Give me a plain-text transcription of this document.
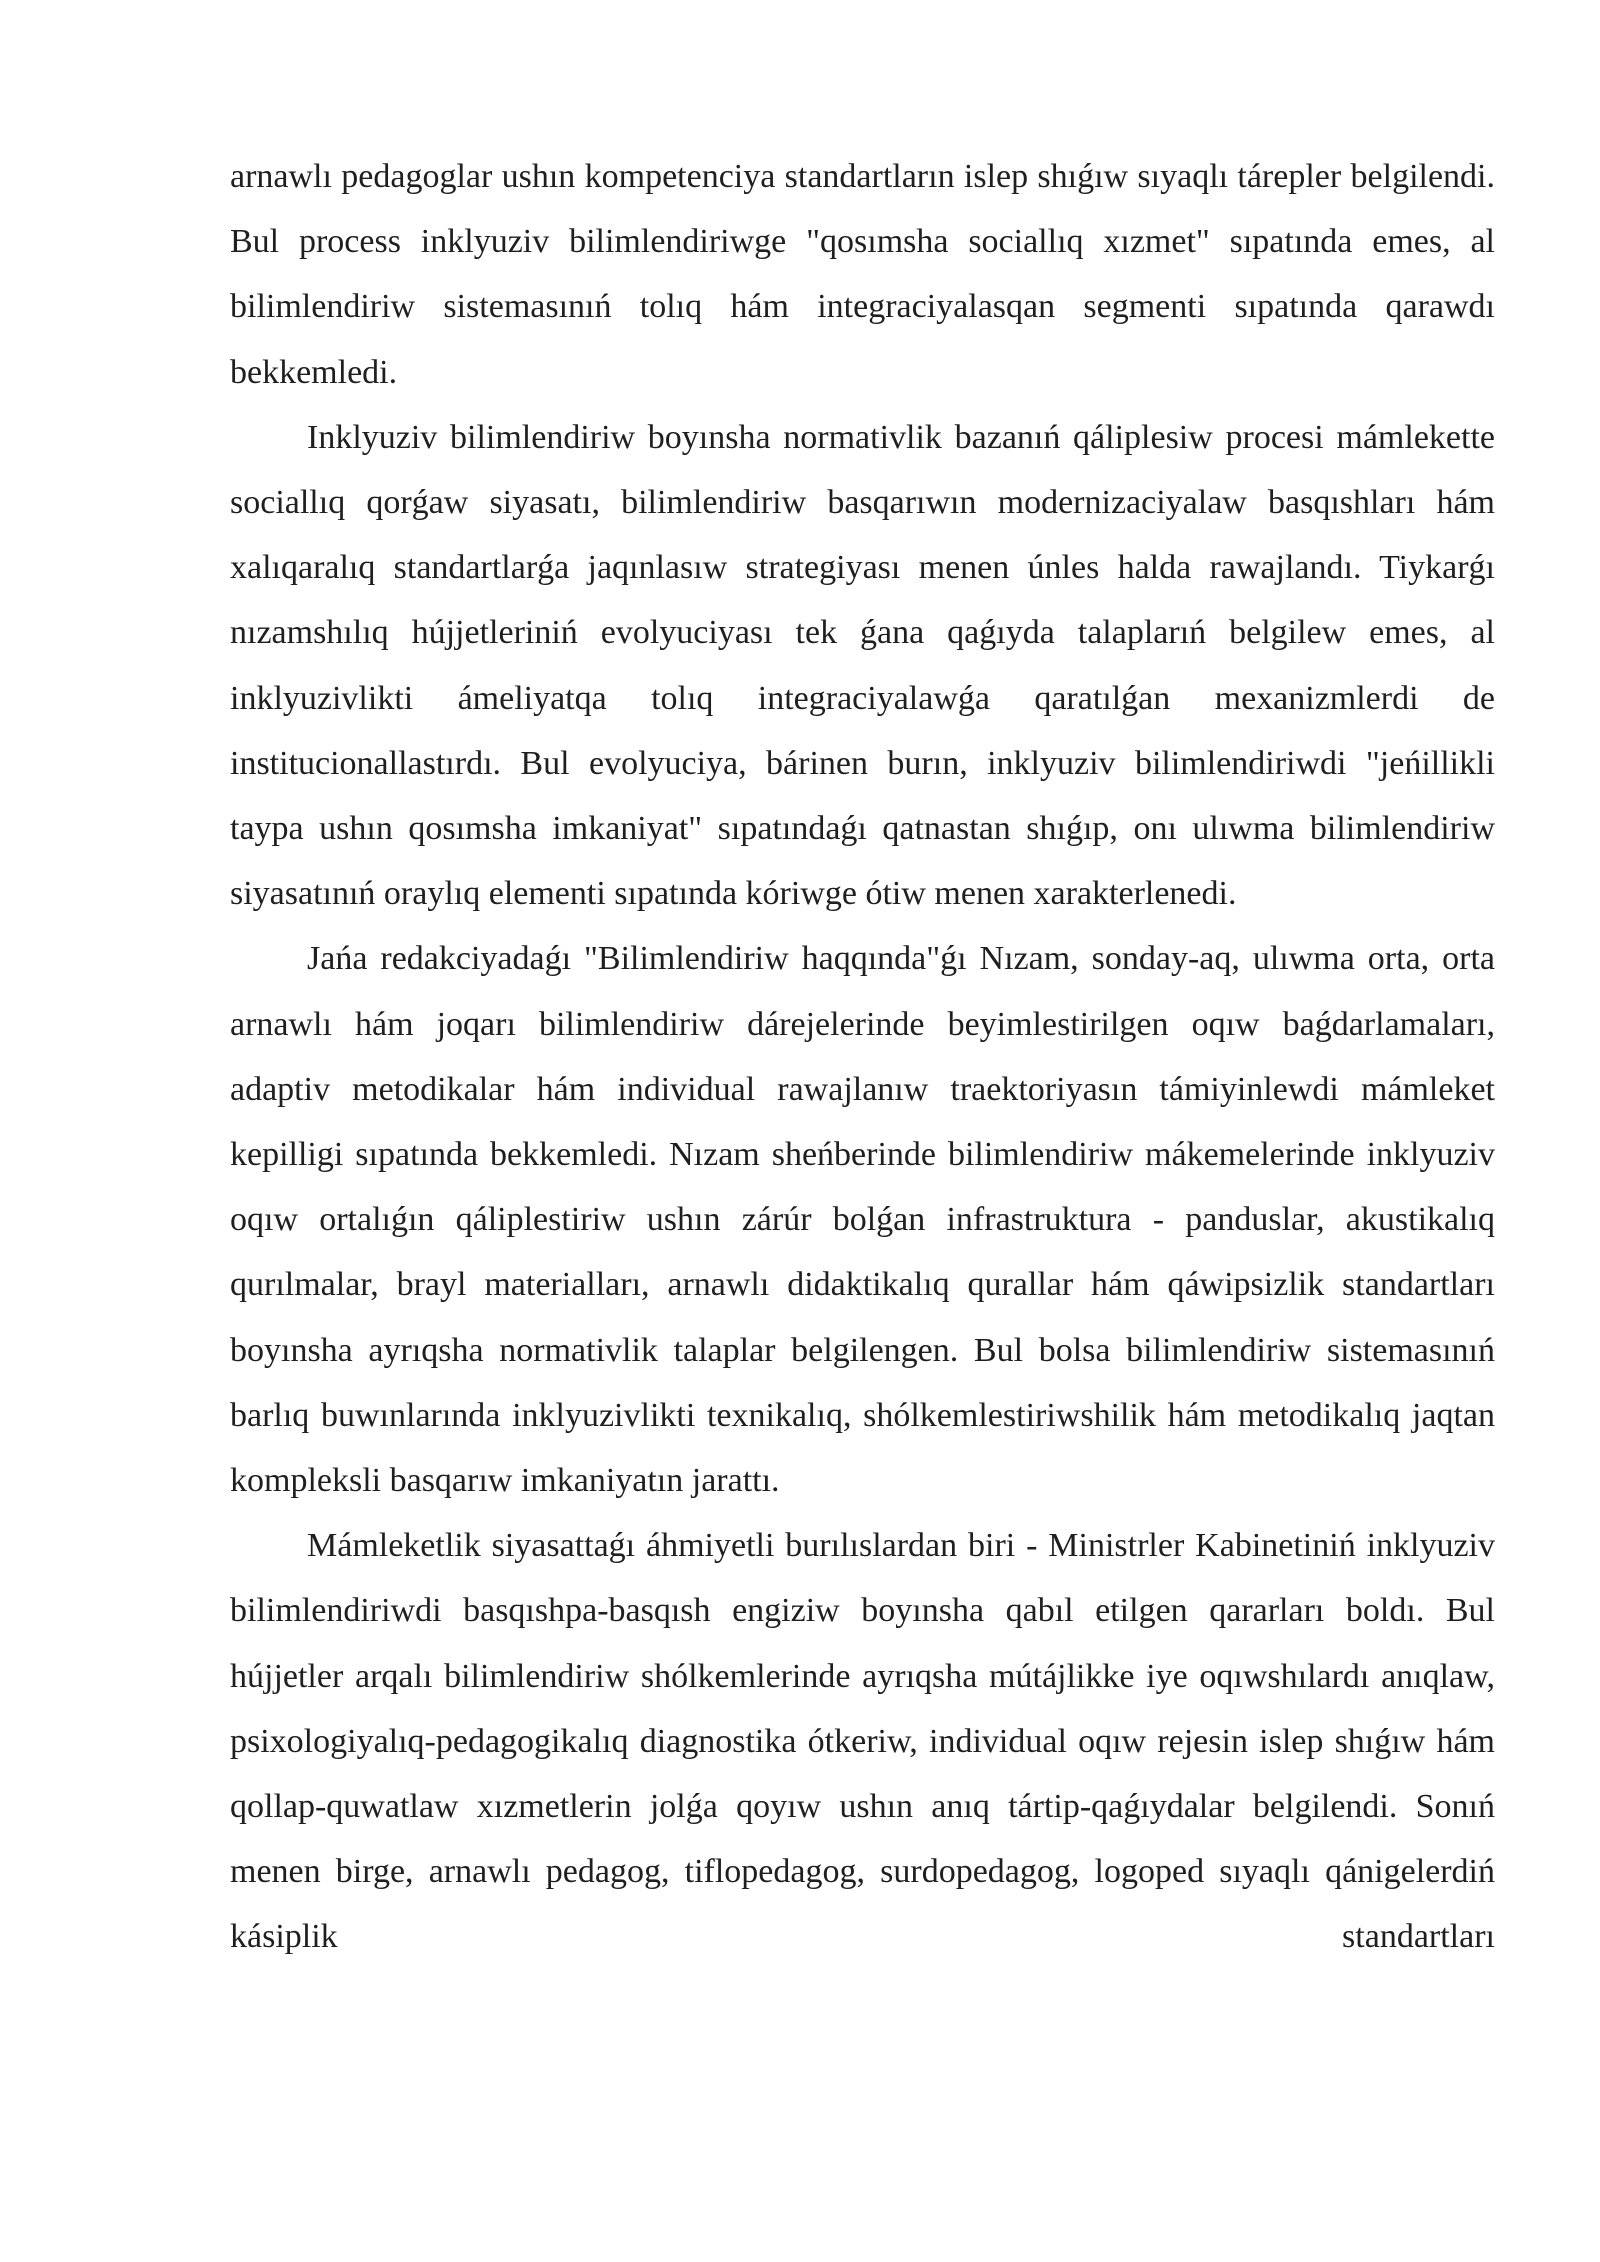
arnawlı pedagoglar ushın kompetenciya standartların islep shıǵıw sıyaqlı tárepler belgilendi. Bul process inklyuziv bilimlendiriwge "qosımsha sociallıq xızmet" sıpatında emes, al bilimlendiriw sistemasınıń tolıq hám integraciyalasqan segmenti sıpatında qarawdı bekkemledi.

Inklyuziv bilimlendiriw boyınsha normativlik bazanıń qáliplesiw procesi mámlekette sociallıq qorǵaw siyasatı, bilimlendiriw basqarıwın modernizaciyalaw basqıshları hám xalıqaralıq standartlarǵa jaqınlasıw strategiyası menen únles halda rawajlandı. Tiykarǵı nızamshılıq hújjetleriniń evolyuciyası tek ǵana qaǵıyda talaplarıń belgilew emes, al inklyuzivlikti ámeliyatqa tolıq integraciyalawǵa qaratılǵan mexanizmlerdi de institucionallastırdı. Bul evolyuciya, bárinen burın, inklyuziv bilimlendiriwdi "jeńillikli taypa ushın qosımsha imkaniyat" sıpatındaǵı qatnastan shıǵıp, onı ulıwma bilimlendiriw siyasatınıń oraylıq elementi sıpatında kóriwge ótiw menen xarakterlenedi.

Jańa redakciyadaǵı "Bilimlendiriw haqqında"ǵı Nızam, sonday-aq, ulıwma orta, orta arnawlı hám joqarı bilimlendiriw dárejelerinde beyimlestirilgen oqıw baǵdarlamaları, adaptiv metodikalar hám individual rawajlanıw traektoriyasın támiyinlewdi mámleket kepilligi sıpatında bekkemledi. Nızam sheńberinde bilimlendiriw mákemelerinde inklyuziv oqıw ortalıǵın qáliplestiriw ushın zárúr bolǵan infrastruktura - panduslar, akustikalıq qurılmalar, brayl materialları, arnawlı didaktikalıq qurallar hám qáwipsizlik standartları boyınsha ayrıqsha normativlik talaplar belgilengen. Bul bolsa bilimlendiriw sistemasınıń barlıq buwınlarında inklyuzivlikti texnikalıq, shólkemlestiriwshilik hám metodikalıq jaqtan kompleksli basqarıw imkaniyatın jarattı.

Mámleketlik siyasattaǵı áhmiyetli burılıslardan biri - Ministrler Kabinetiniń inklyuziv bilimlendiriwdi basqıshpa-basqısh engiziw boyınsha qabıl etilgen qararları boldı. Bul hújjetler arqalı bilimlendiriw shólkemlerinde ayrıqsha mútájlikke iye oqıwshılardı anıqlaw, psixologiyalıq-pedagogikalıq diagnostika ótkeriw, individual oqıw rejesin islep shıǵıw hám qollap-quwatlaw xızmetlerin jolǵa qoyıw ushın anıq tártip-qaǵıydalar belgilendi. Sonıń menen birge, arnawlı pedagog, tiflopedagog, surdopedagog, logoped sıyaqlı qánigelerdiń kásiplik standartları
